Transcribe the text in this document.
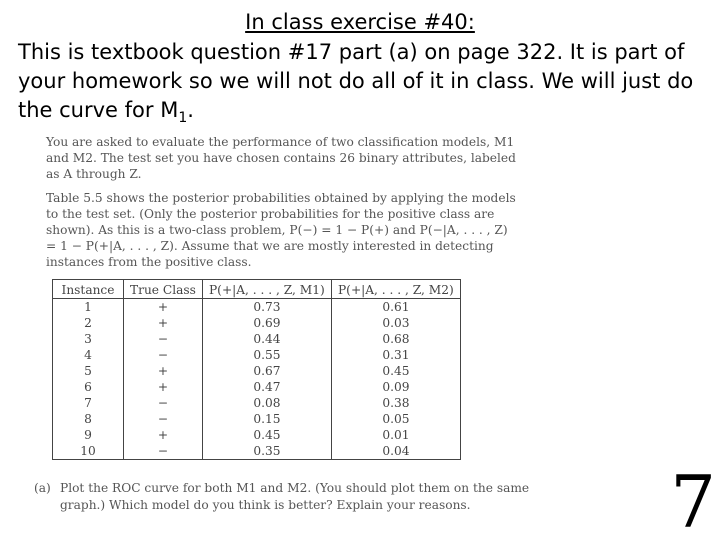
In class exercise #40:
This is textbook question #17 part (a) on page 322. It is part of your homework so we will not do all of it in class. We will just do the curve for $M_1$.
You are asked to evaluate the performance of two classification models, M1 and M2. The test set you have chosen contains 26 binary attributes, labeled as A through Z.
Table 5.5 shows the posterior probabilities obtained by applying the models to the test set. (Only the posterior probabilities for the positive class are shown). As this is a two-class problem, P(−) = 1 − P(+) and P(−|A, . . . , Z) = 1 − P(+|A, . . . , Z). Assume that we are mostly interested in detecting instances from the positive class.
Instance	True Class	P(+|A, . . . , Z, M1)	P(+|A, . . . , Z, M2)
1	+	0.73	0.61
2	+	0.69	0.03
3	−	0.44	0.68
4	−	0.55	0.31
5	+	0.67	0.45
6	+	0.47	0.09
7	−	0.08	0.38
8	−	0.15	0.05
9	+	0.45	0.01
10	−	0.35	0.04
(a) Plot the ROC curve for both M1 and M2. (You should plot them on the same graph.) Which model do you think is better? Explain your reasons.	7
